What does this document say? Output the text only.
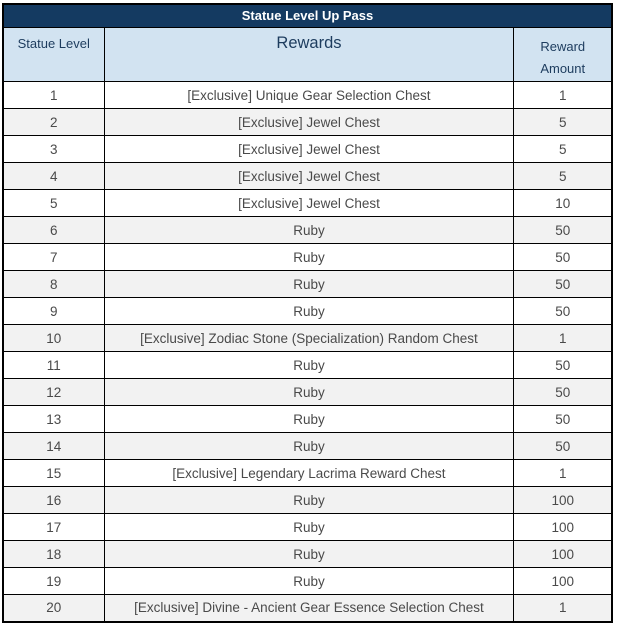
Statue Level Up Pass		
Statue Level	Rewards	Reward Amount
1	[Exclusive] Unique Gear Selection Chest	1
2	[Exclusive] Jewel Chest	5
3	[Exclusive] Jewel Chest	5
4	[Exclusive] Jewel Chest	5
5	[Exclusive] Jewel Chest	10
6	Ruby	50
7	Ruby	50
8	Ruby	50
9	Ruby	50
10	[Exclusive] Zodiac Stone (Specialization) Random Chest	1
11	Ruby	50
12	Ruby	50
13	Ruby	50
14	Ruby	50
15	[Exclusive] Legendary Lacrima Reward Chest	1
16	Ruby	100
17	Ruby	100
18	Ruby	100
19	Ruby	100
20	[Exclusive] Divine - Ancient Gear Essence Selection Chest	1
